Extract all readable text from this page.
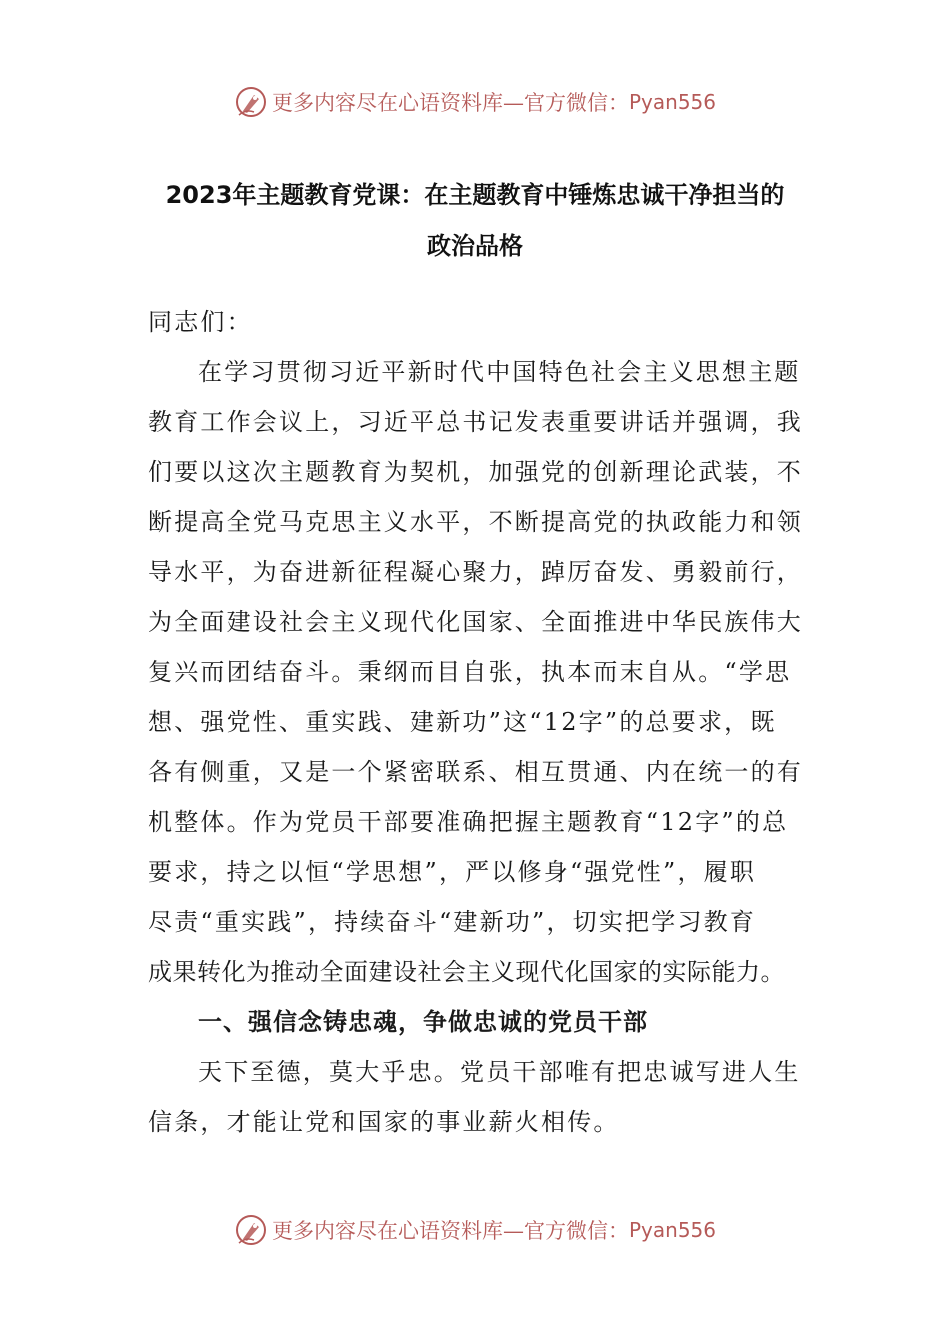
更多内容尽在心语资料库—官方微信： Pyan556
2023年主题教育党课：在主题教育中锤炼忠诚干净担当的
政治品格
同志们：
在学习贯彻习近平新时代中国特色社会主义思想主题
教育工作会议上，习近平总书记发表重要讲话并强调，我
们要以这次主题教育为契机，加强党的创新理论武装，不
断提高全党马克思主义水平，不断提高党的执政能力和领
导水平，为奋进新征程凝心聚力，踔厉奋发、勇毅前行，
为全面建设社会主义现代化国家、全面推进中华民族伟大
复兴而团结奋斗。秉纲而目自张，执本而末自从。“学思
想、强党性、重实践、建新功”这“12字”的总要求，既
各有侧重，又是一个紧密联系、相互贯通、内在统一的有
机整体。作为党员干部要准确把握主题教育“12字”的总
要求，持之以恒“学思想”，严以修身“强党性”，履职
尽责“重实践”，持续奋斗“建新功”，切实把学习教育
成果转化为推动全面建设社会主义现代化国家的实际能力。
一、强信念铸忠魂，争做忠诚的党员干部
天下至德，莫大乎忠。党员干部唯有把忠诚写进人生
信条，才能让党和国家的事业薪火相传。
更多内容尽在心语资料库—官方微信： Pyan556
